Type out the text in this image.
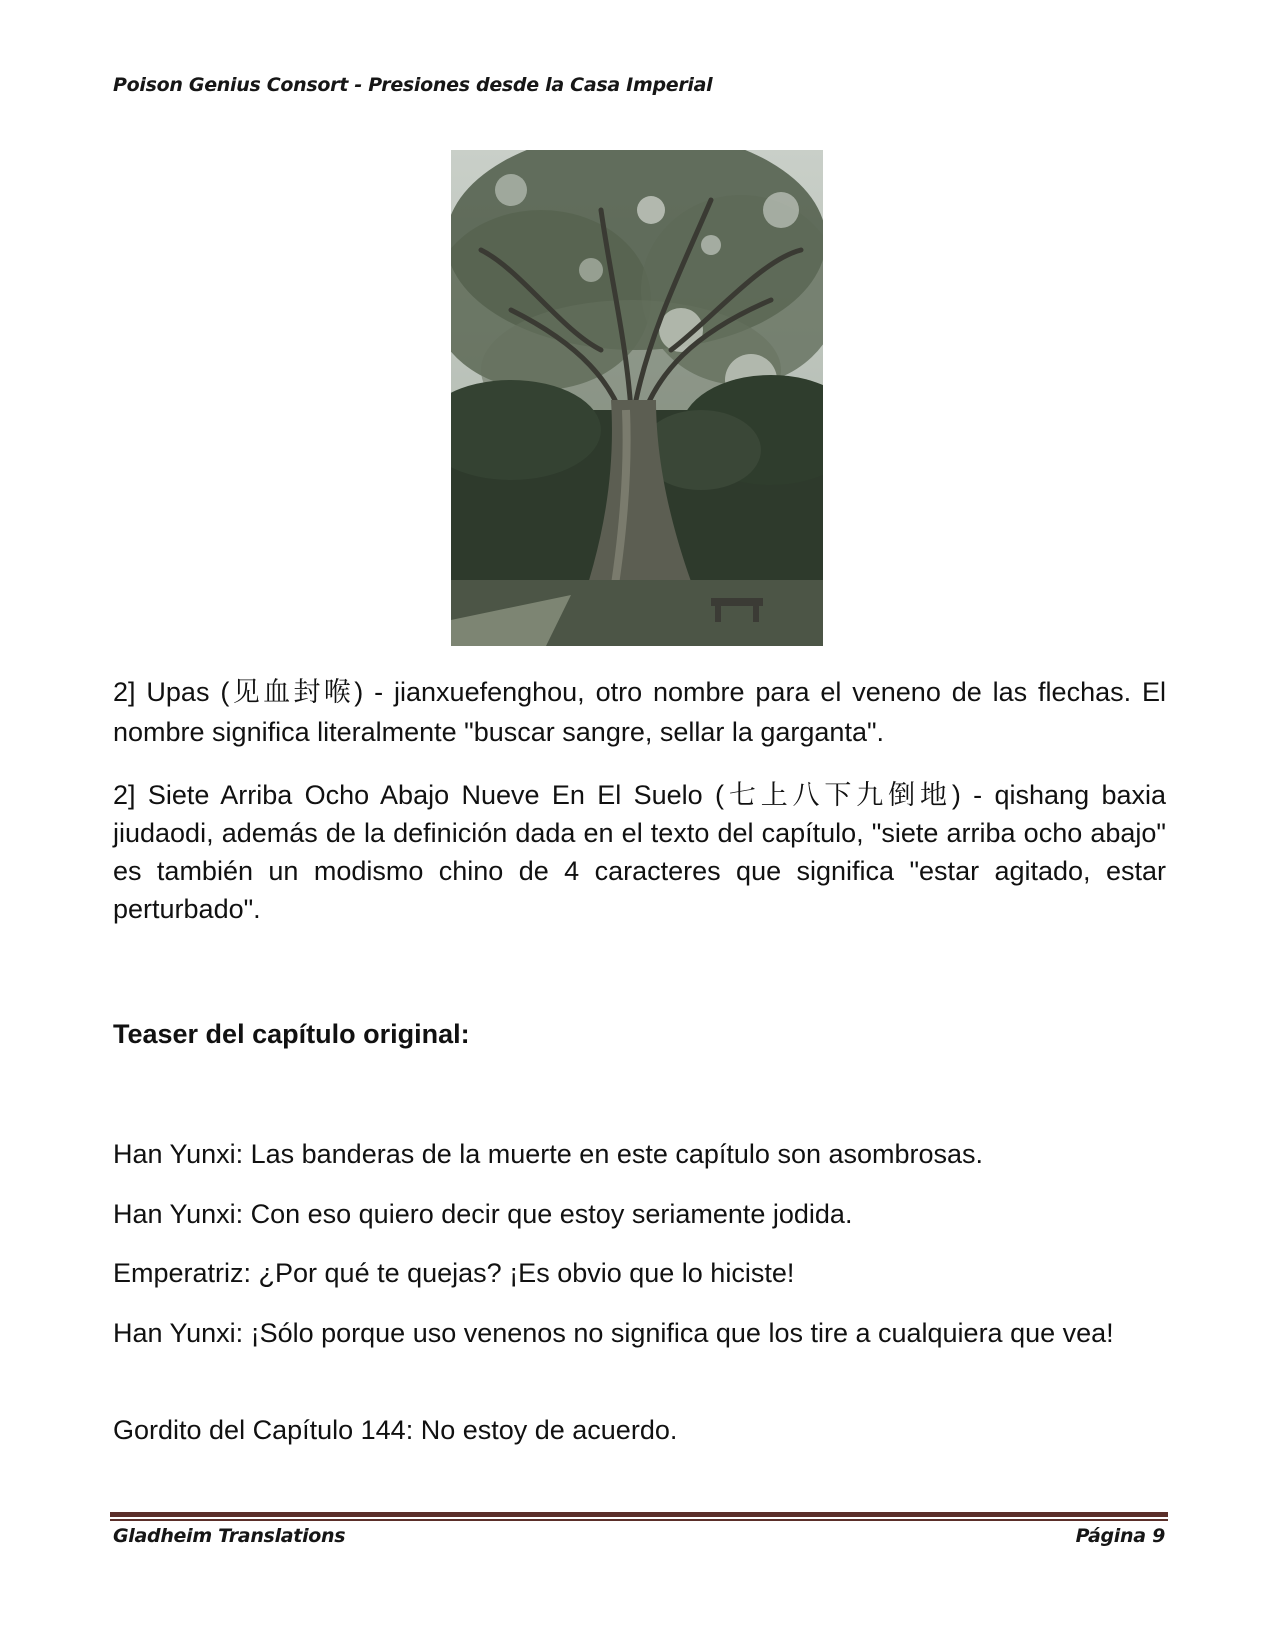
Poison Genius Consort - Presiones desde la Casa Imperial

2] Upas (见血封喉) - jianxuefenghou, otro nombre para el veneno de las flechas. El nombre significa literalmente "buscar sangre, sellar la garganta".

2] Siete Arriba Ocho Abajo Nueve En El Suelo (七上八下九倒地) - qishang baxia jiudaodi, además de la definición dada en el texto del capítulo, "siete arriba ocho abajo" es también un modismo chino de 4 caracteres que significa "estar agitado, estar perturbado".

Teaser del capítulo original:

Han Yunxi: Las banderas de la muerte en este capítulo son asombrosas.

Han Yunxi: Con eso quiero decir que estoy seriamente jodida.

Emperatriz: ¿Por qué te quejas? ¡Es obvio que lo hiciste!

Han Yunxi: ¡Sólo porque uso venenos no significa que los tire a cualquiera que vea!

Gordito del Capítulo 144: No estoy de acuerdo.

Gladheim Translations	Página 9
